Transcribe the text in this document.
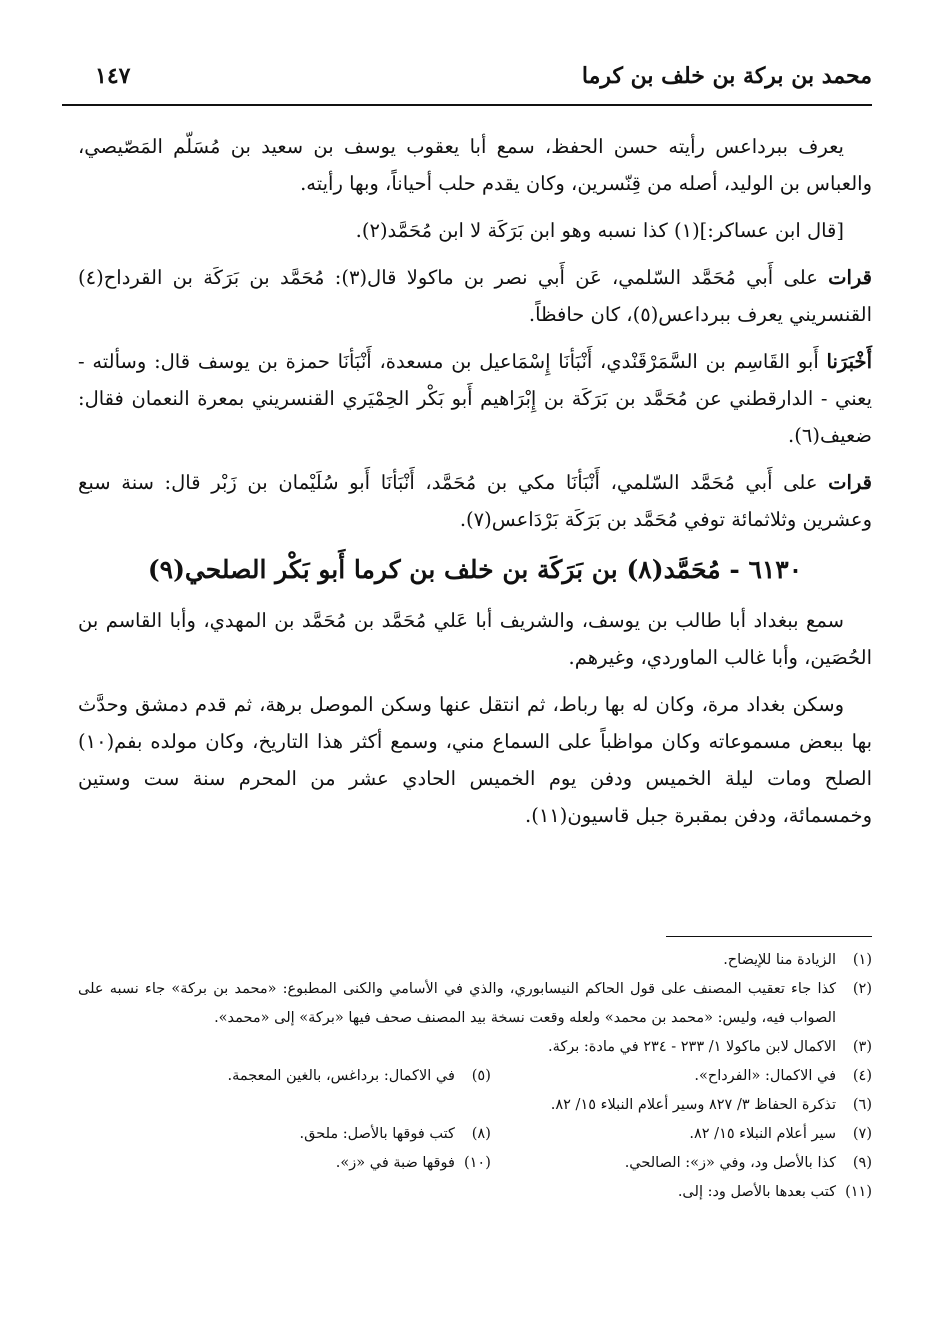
محمد بن بركة بن خلف بن كرما
١٤٧

يعرف ببرداعس رأيته حسن الحفظ، سمع أبا يعقوب يوسف بن سعيد بن مُسَلّم المَصّيصي، والعباس بن الوليد، أصله من قِنّسرين، وكان يقدم حلب أحياناً، وبها رأيته.

[قال ابن عساكر:](١) كذا نسبه وهو ابن بَرَكَة لا ابن مُحَمَّد(٢).

قرات على أَبي مُحَمَّد السّلمي، عَن أَبي نصر بن ماكولا قال(٣): مُحَمَّد بن بَرَكَة بن القرداح(٤) القنسريني يعرف ببرداعس(٥)، كان حافظاً.

أَخْبَرَنا أَبو القَاسِم بن السَّمَرْقَنْدي، أَنْبَأنَا إِسْمَاعيل بن مسعدة، أَنْبَأنَا حمزة بن يوسف قال: وسألته - يعني - الدارقطني عن مُحَمَّد بن بَرَكَة بن إِبْرَاهيم أَبو بَكْر الحِمْيَري القنسريني بمعرة النعمان فقال: ضعيف(٦).

قرات على أَبي مُحَمَّد السّلمي، أَنْبَأنَا مكي بن مُحَمَّد، أَنْبَأنَا أَبو سُلَيْمان بن زَبْر قال: سنة سبع وعشرين وثلاثمائة توفي مُحَمَّد بن بَرَكَة بَرْدَاعس(٧).

٦١٣٠ - مُحَمَّد(٨) بن بَرَكَة بن خلف بن كرما أَبو بَكْر الصلحي(٩)

سمع ببغداد أبا طالب بن يوسف، والشريف أبا عَلي مُحَمَّد بن مُحَمَّد بن المهدي، وأبا القاسم بن الحُصَين، وأبا غالب الماوردي، وغيرهم.

وسكن بغداد مرة، وكان له بها رباط، ثم انتقل عنها وسكن الموصل برهة، ثم قدم دمشق وحدَّث بها ببعض مسموعاته وكان مواظباً على السماع مني، وسمع أكثر هذا التاريخ، وكان مولده بفم(١٠) الصلح ومات ليلة الخميس ودفن يوم الخميس الحادي عشر من المحرم سنة ست وستين وخمسمائة، ودفن بمقبرة جبل قاسيون(١١).

(١)
الزيادة منا للإيضاح.
(٢)
كذا جاء تعقيب المصنف على قول الحاكم النيسابوري، والذي في الأسامي والكنى المطبوع: «محمد بن بركة» جاء نسبه على الصواب فيه، وليس: «محمد بن محمد» ولعله وقعت نسخة بيد المصنف صحف فيها «بركة» إلى «محمد».
(٣)
الاكمال لابن ماكولا ١/ ٢٣٣ - ٢٣٤ في مادة: بركة.
(٤)
في الاكمال: «الفرداح».
(٥)
في الاكمال: برداغس، بالغين المعجمة.
(٦)
تذكرة الحفاظ ٣/ ٨٢٧ وسير أعلام النبلاء ١٥/ ٨٢.
(٧)
سير أعلام النبلاء ١٥/ ٨٢.
(٨)
كتب فوقها بالأصل: ملحق.
(٩)
كذا بالأصل ود، وفي «ز»: الصالحي.
(١٠)
فوقها ضبة في «ز».
(١١)
كتب بعدها بالأصل ود: إلى.
